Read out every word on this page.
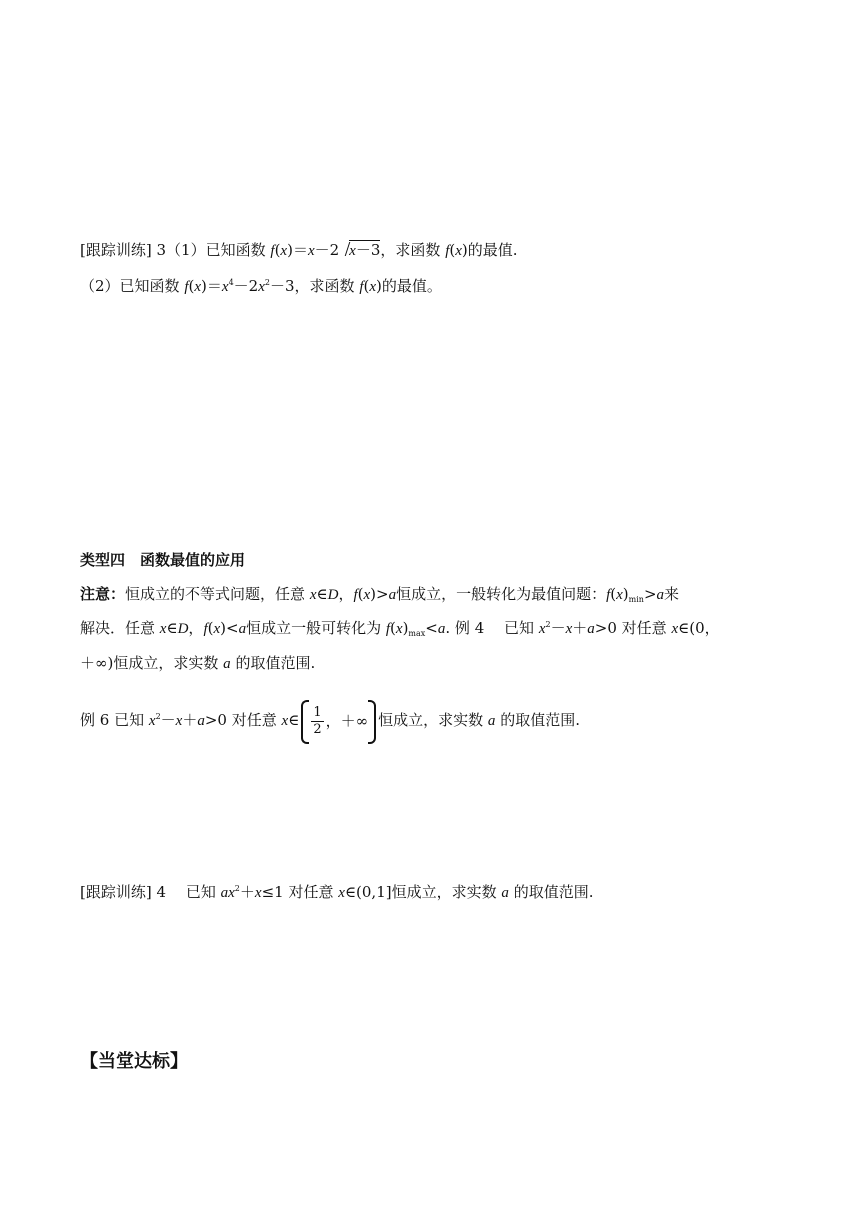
[跟踪训练] 3（1）已知函数 f(x)＝x－2 x－3，求函数 f(x)的最值.
（2）已知函数 $f(x)=x^4-2x^2-3$，求函数 f(x)的最值。
类型四　函数最值的应用
注意：恒成立的不等式问题，任意 x∈D，f(x)>a恒成立，一般转化为最值问题：$f(x)_{min}>a$来
解决．任意 x∈D，f(x)<a恒成立一般可转化为 $f(x)_{max}<a$. 例 4　 已知 $x^2-x+a>0$ 对任意 x∈(0，
＋∞)恒成立，求实数 a 的取值范围.
例 6 已知 $x^2-x+a>0$ 对任意 x∈ $\frac{1}{2}$ ，＋∞ 恒成立，求实数 a 的取值范围.
[跟踪训练] 4　 已知 $ax^2+x\le 1$ 对任意 x∈(0,1]恒成立，求实数 a 的取值范围.
【当堂达标】
